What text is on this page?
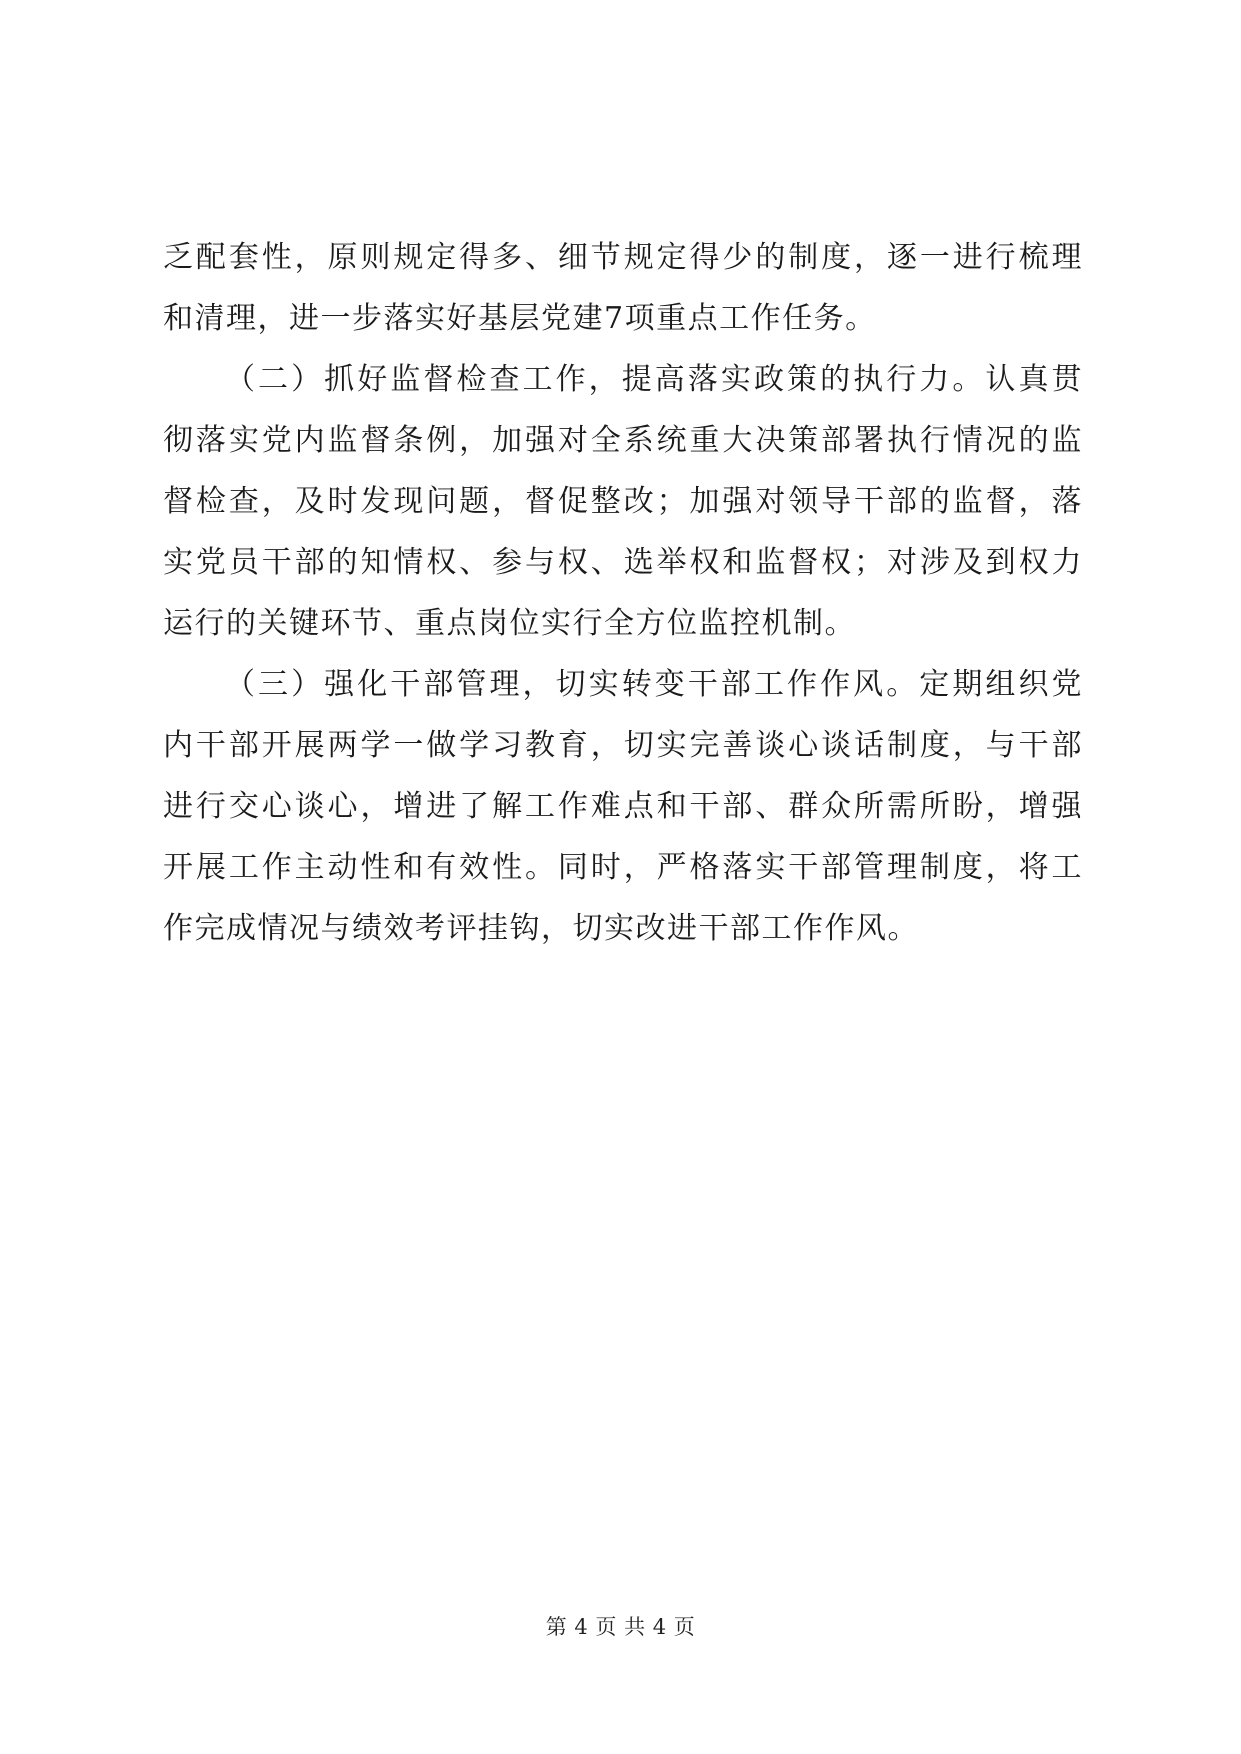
乏配套性，原则规定得多、细节规定得少的制度，逐一进行梳理
和清理，进一步落实好基层党建7项重点工作任务。

（二）抓好监督检查工作，提高落实政策的执行力。认真贯
彻落实党内监督条例，加强对全系统重大决策部署执行情况的监
督检查，及时发现问题，督促整改；加强对领导干部的监督，落
实党员干部的知情权、参与权、选举权和监督权；对涉及到权力
运行的关键环节、重点岗位实行全方位监控机制。

（三）强化干部管理，切实转变干部工作作风。定期组织党
内干部开展两学一做学习教育，切实完善谈心谈话制度，与干部
进行交心谈心，增进了解工作难点和干部、群众所需所盼，增强
开展工作主动性和有效性。同时，严格落实干部管理制度，将工
作完成情况与绩效考评挂钩，切实改进干部工作作风。

第 4 页 共 4 页
